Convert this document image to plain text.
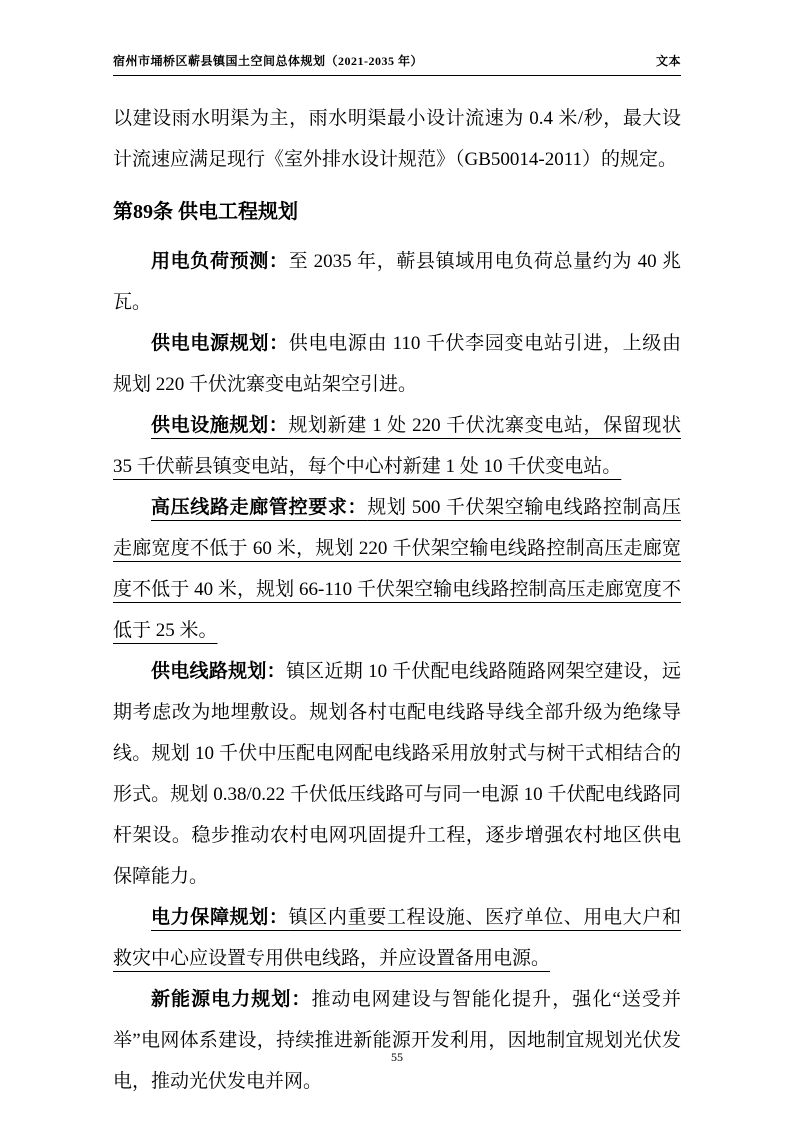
宿州市埇桥区蕲县镇国土空间总体规划（2021-2035 年）	文本

以建设雨水明渠为主，雨水明渠最小设计流速为 0.4 米/秒，最大设计流速应满足现行《室外排水设计规范》（GB50014-2011）的规定。

第89条 供电工程规划

用电负荷预测：至 2035 年，蕲县镇域用电负荷总量约为 40 兆瓦。

供电电源规划：供电电源由 110 千伏李园变电站引进，上级由规划 220 千伏沈寨变电站架空引进。

供电设施规划：规划新建 1 处 220 千伏沈寨变电站，保留现状 35 千伏蕲县镇变电站，每个中心村新建 1 处 10 千伏变电站。

高压线路走廊管控要求：规划 500 千伏架空输电线路控制高压走廊宽度不低于 60 米，规划 220 千伏架空输电线路控制高压走廊宽度不低于 40 米，规划 66-110 千伏架空输电线路控制高压走廊宽度不低于 25 米。

供电线路规划：镇区近期 10 千伏配电线路随路网架空建设，远期考虑改为地埋敷设。规划各村屯配电线路导线全部升级为绝缘导线。规划 10 千伏中压配电网配电线路采用放射式与树干式相结合的形式。规划 0.38/0.22 千伏低压线路可与同一电源 10 千伏配电线路同杆架设。稳步推动农村电网巩固提升工程，逐步增强农村地区供电保障能力。

电力保障规划：镇区内重要工程设施、医疗单位、用电大户和救灾中心应设置专用供电线路，并应设置备用电源。

新能源电力规划：推动电网建设与智能化提升，强化“送受并举”电网体系建设，持续推进新能源开发利用，因地制宜规划光伏发电，推动光伏发电并网。

55
